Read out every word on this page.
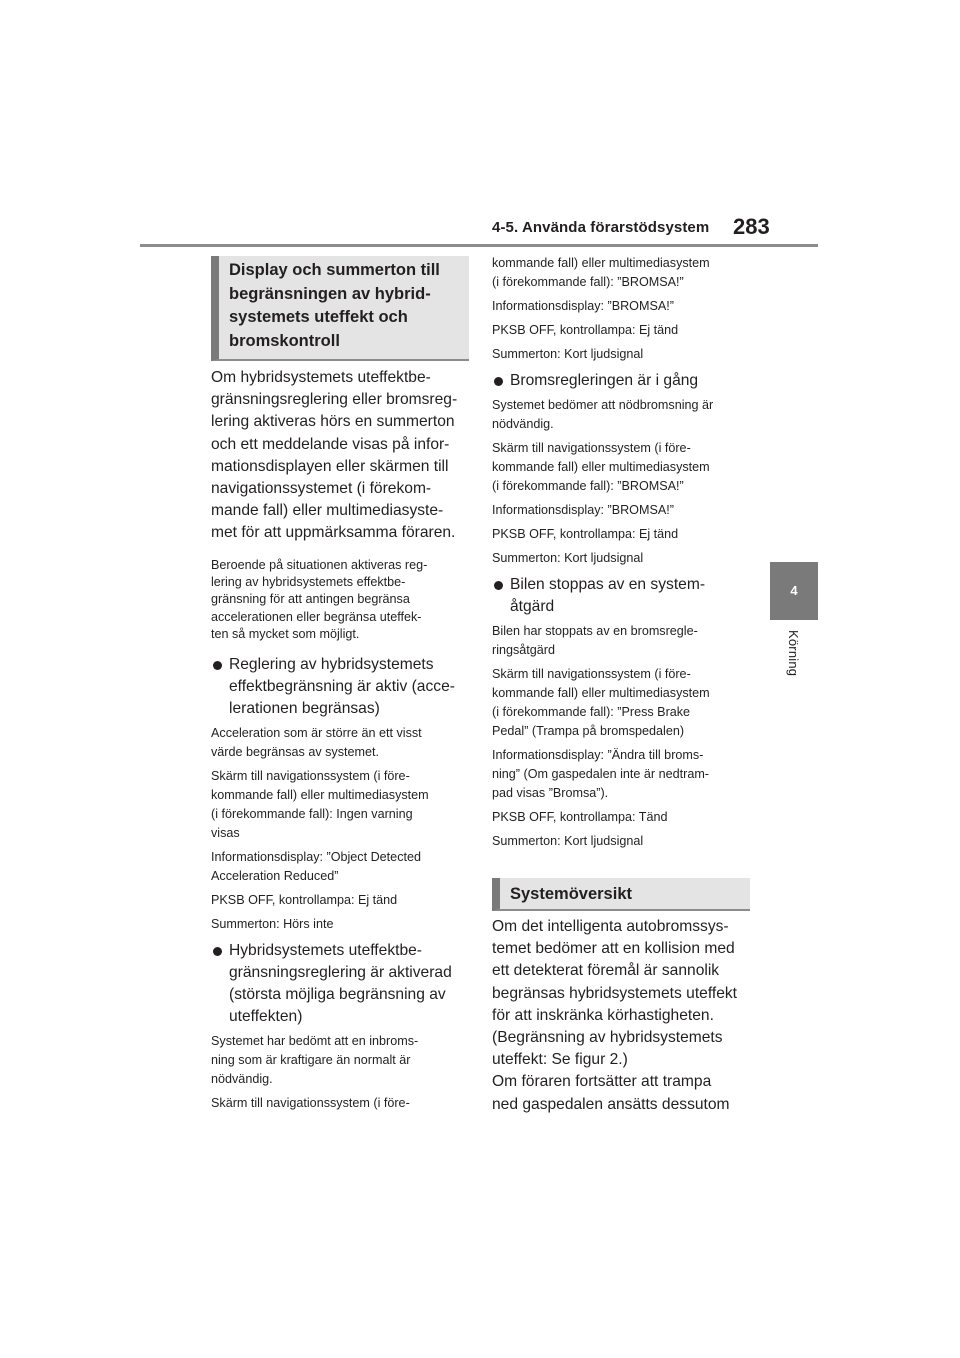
4-5. Använda förarstödsystem 283
4
Körning
Display och summerton till
begränsningen av hybrid-
systemets uteffekt och
bromskontroll
Om hybridsystemets uteffektbe-
gränsningsreglering eller bromsreg-
lering aktiveras hörs en summerton
och ett meddelande visas på infor-
mationsdisplayen eller skärmen till
navigationssystemet (i förekom-
mande fall) eller multimediasyste-
met för att uppmärksamma föraren.
Beroende på situationen aktiveras reg-
lering av hybridsystemets effektbe-
gränsning för att antingen begränsa
accelerationen eller begränsa uteffek-
ten så mycket som möjligt.
Reglering av hybridsystemets
effektbegränsning är aktiv (acce-
lerationen begränsas)
Acceleration som är större än ett visst
värde begränsas av systemet.
Skärm till navigationssystem (i före-
kommande fall) eller multimediasystem
(i förekommande fall): Ingen varning
visas
Informationsdisplay: ”Object Detected
Acceleration Reduced”
PKSB OFF, kontrollampa: Ej tänd
Summerton: Hörs inte
Hybridsystemets uteffektbe-
gränsningsreglering är aktiverad
(största möjliga begränsning av
uteffekten)
Systemet har bedömt att en inbroms-
ning som är kraftigare än normalt är
nödvändig.
Skärm till navigationssystem (i före-
kommande fall) eller multimediasystem
(i förekommande fall): ”BROMSA!”
Informationsdisplay: ”BROMSA!”
PKSB OFF, kontrollampa: Ej tänd
Summerton: Kort ljudsignal
Bromsregleringen är i gång
Systemet bedömer att nödbromsning är
nödvändig.
Skärm till navigationssystem (i före-
kommande fall) eller multimediasystem
(i förekommande fall): ”BROMSA!”
Informationsdisplay: ”BROMSA!”
PKSB OFF, kontrollampa: Ej tänd
Summerton: Kort ljudsignal
Bilen stoppas av en system-
åtgärd
Bilen har stoppats av en bromsregle-
ringsåtgärd
Skärm till navigationssystem (i före-
kommande fall) eller multimediasystem
(i förekommande fall): ”Press Brake
Pedal” (Trampa på bromspedalen)
Informationsdisplay: ”Ändra till broms-
ning” (Om gaspedalen inte är nedtram-
pad visas ”Bromsa”).
PKSB OFF, kontrollampa: Tänd
Summerton: Kort ljudsignal
Systemöversikt
Om det intelligenta autobromssys-
temet bedömer att en kollision med
ett detekterat föremål är sannolik
begränsas hybridsystemets uteffekt
för att inskränka körhastigheten.
(Begränsning av hybridsystemets
uteffekt: Se figur 2.)
Om föraren fortsätter att trampa
ned gaspedalen ansätts dessutom
